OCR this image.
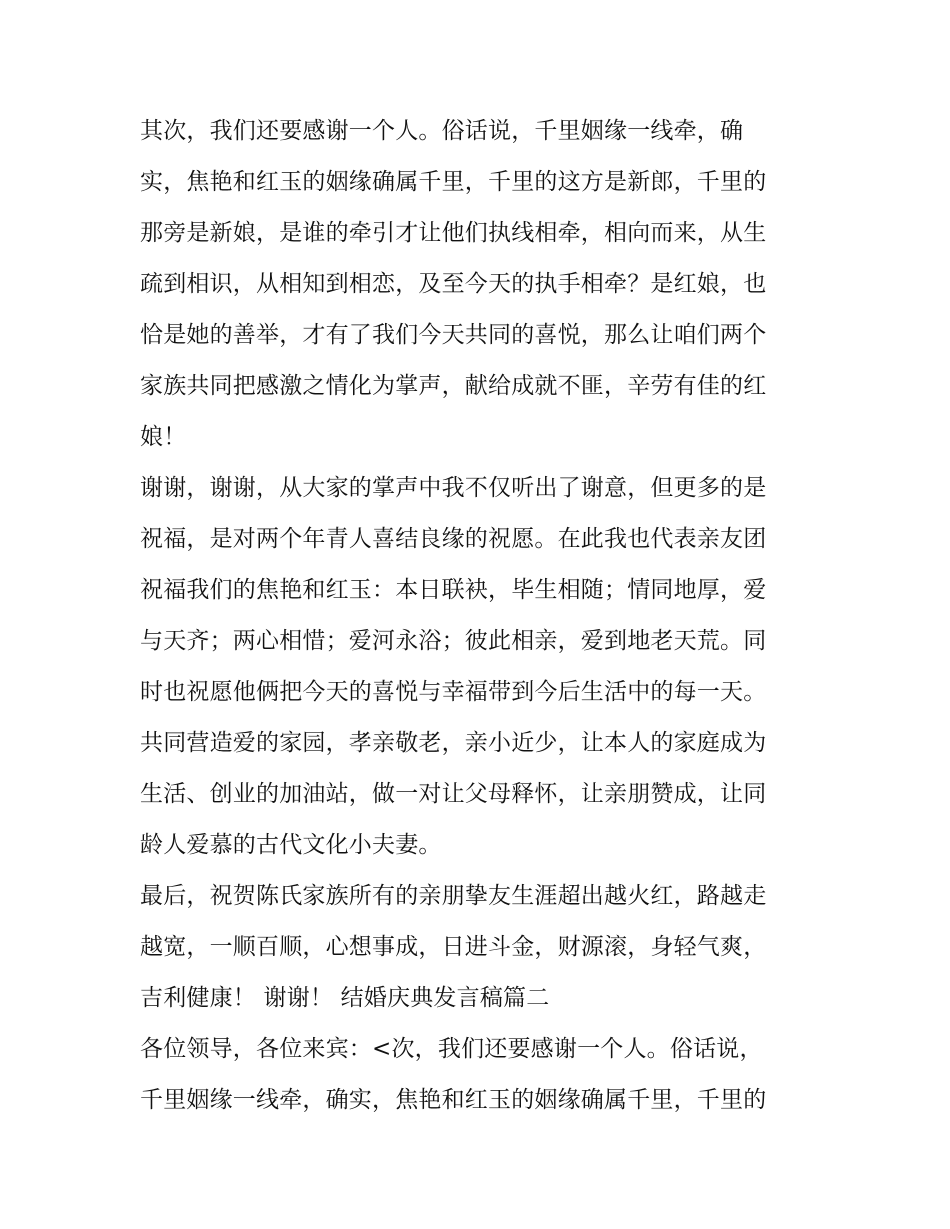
其次，我们还要感谢一个人。俗话说，千里姻缘一线牵，确
实，焦艳和红玉的姻缘确属千里，千里的这方是新郎，千里的
那旁是新娘，是谁的牵引才让他们执线相牵，相向而来，从生
疏到相识，从相知到相恋，及至今天的执手相牵？是红娘，也
恰是她的善举，才有了我们今天共同的喜悦，那么让咱们两个
家族共同把感激之情化为掌声，献给成就不匪，辛劳有佳的红
娘！
谢谢，谢谢，从大家的掌声中我不仅听出了谢意，但更多的是
祝福，是对两个年青人喜结良缘的祝愿。在此我也代表亲友团
祝福我们的焦艳和红玉：本日联袂，毕生相随；情同地厚，爱
与天齐；两心相惜；爱河永浴；彼此相亲，爱到地老天荒。同
时也祝愿他俩把今天的喜悦与幸福带到今后生活中的每一天。
共同营造爱的家园，孝亲敬老，亲小近少，让本人的家庭成为
生活、创业的加油站，做一对让父母释怀，让亲朋赞成，让同
龄人爱慕的古代文化小夫妻。
最后，祝贺陈氏家族所有的亲朋挚友生涯超出越火红，路越走
越宽，一顺百顺，心想事成，日进斗金，财源滚，身轻气爽，
吉利健康！ 谢谢！ 结婚庆典发言稿篇二
各位领导，各位来宾：<次，我们还要感谢一个人。俗话说，
千里姻缘一线牵，确实，焦艳和红玉的姻缘确属千里，千里的
